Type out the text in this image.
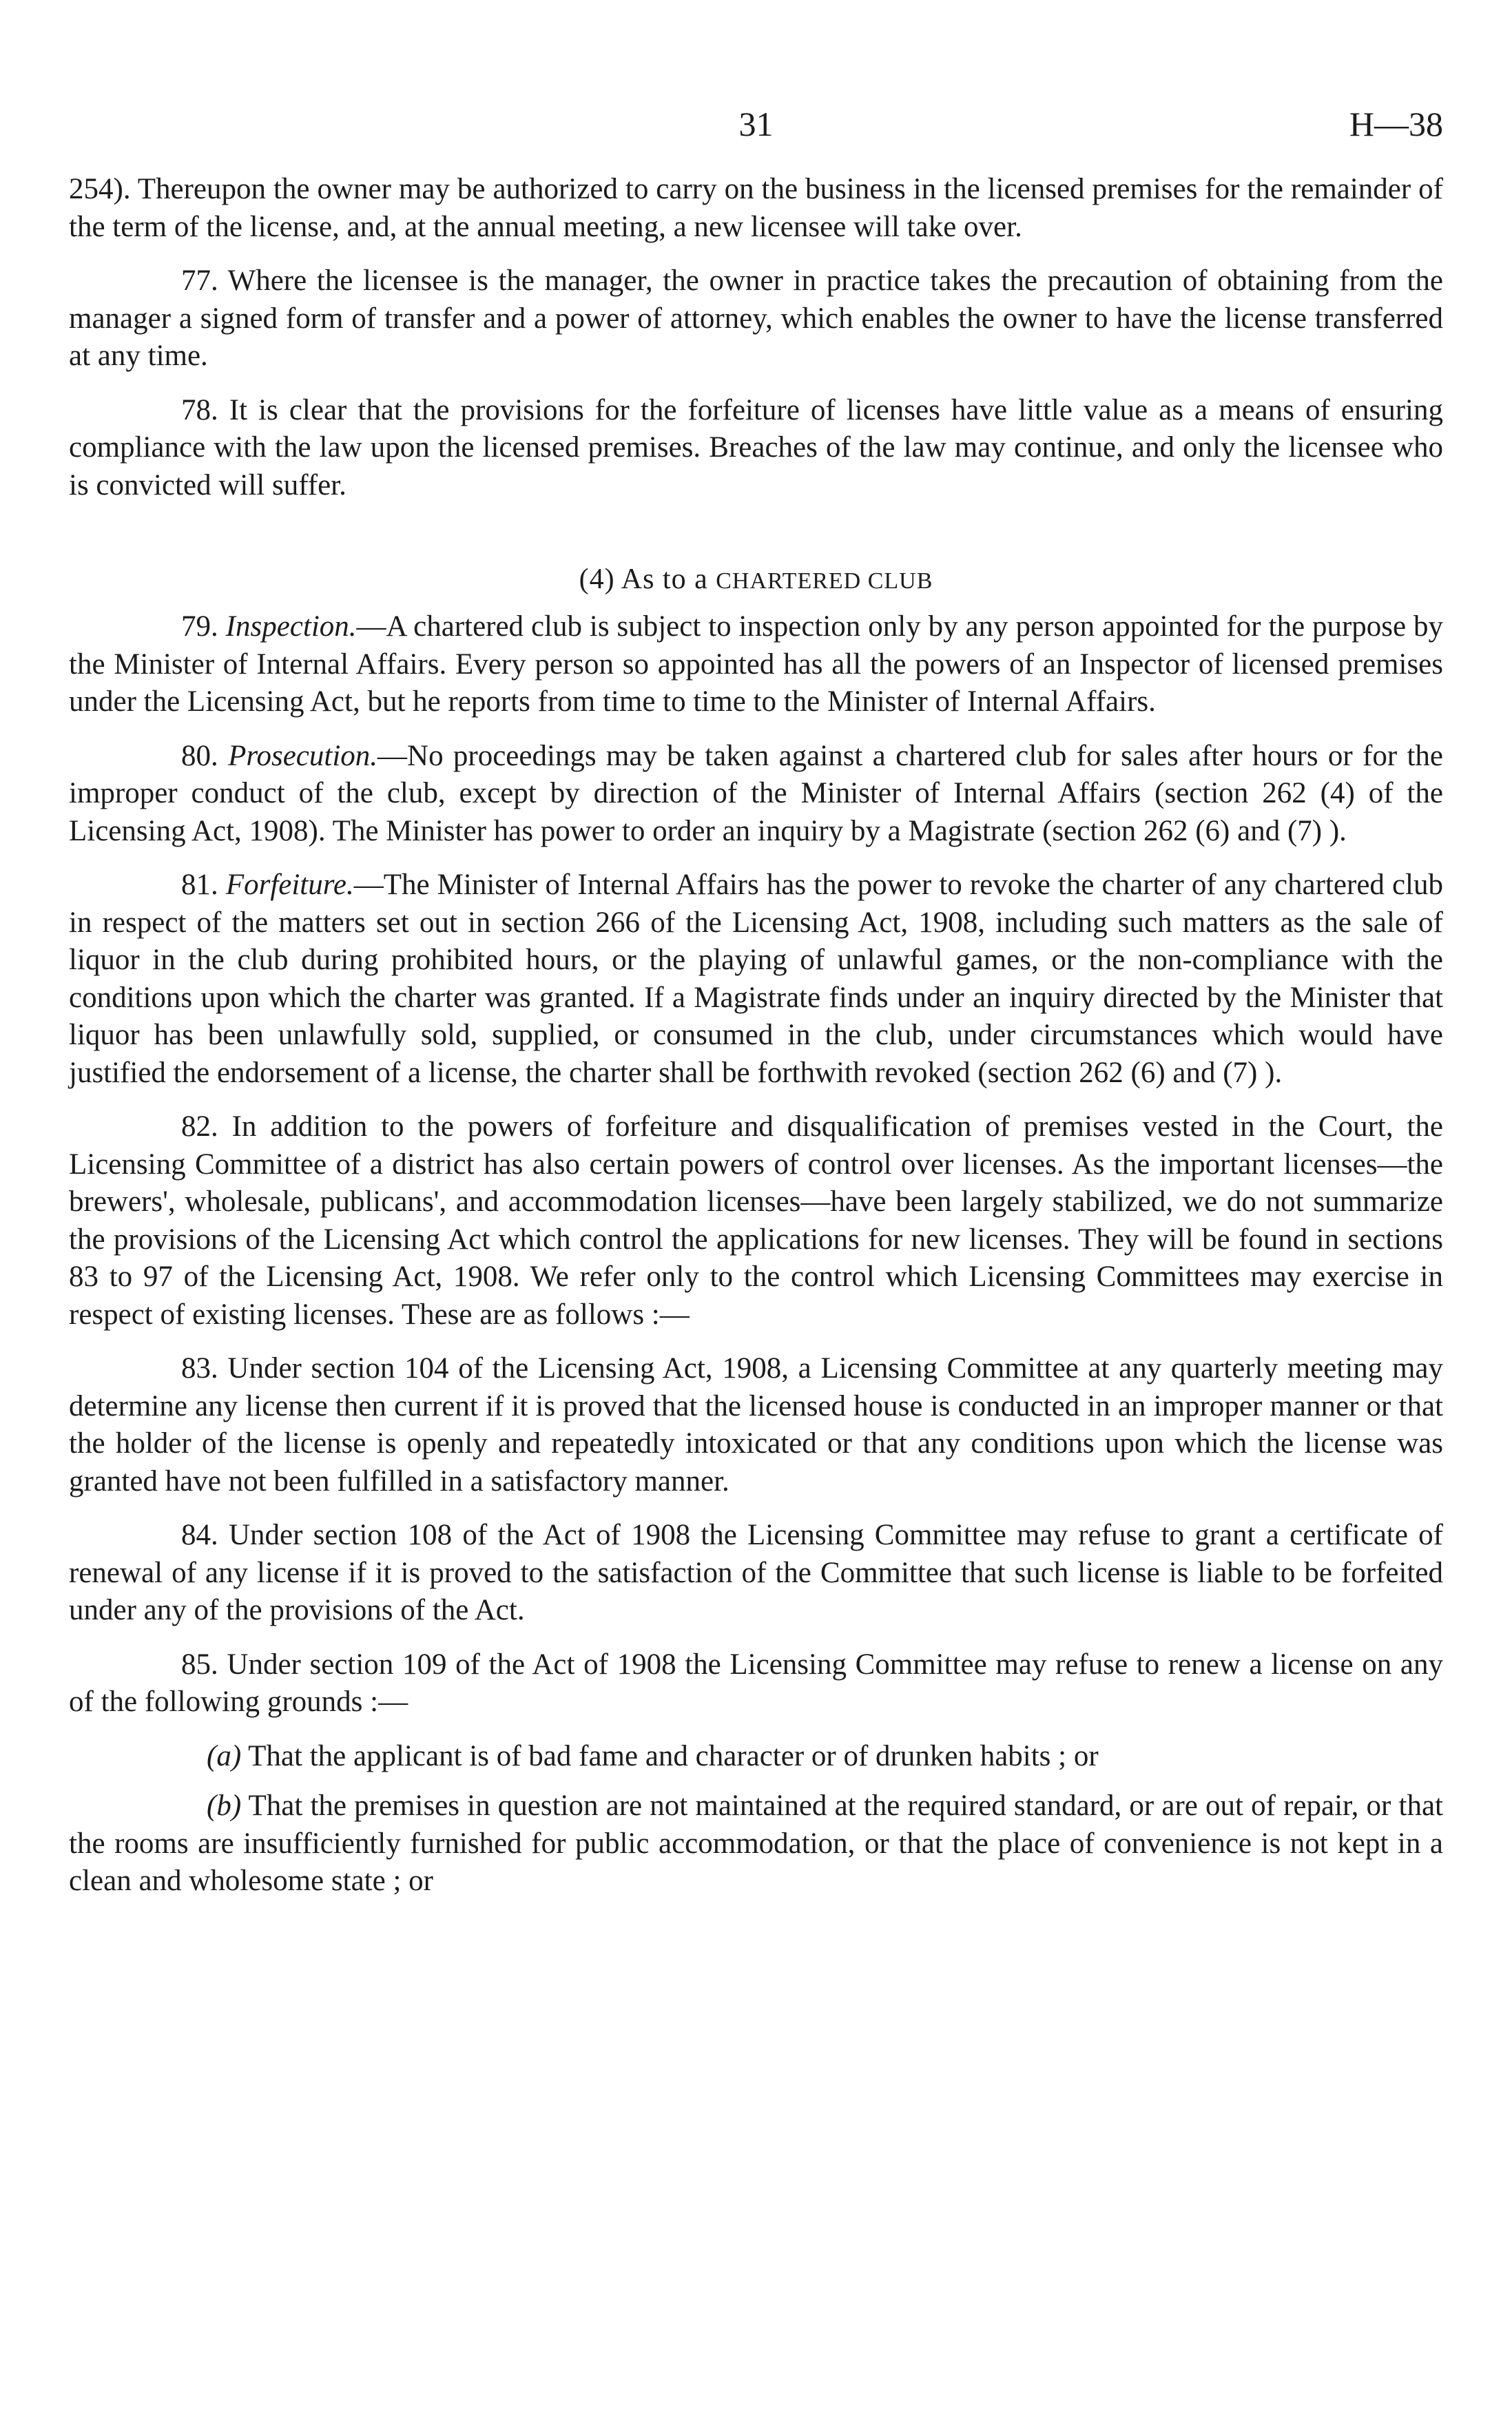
31	H—38

254). Thereupon the owner may be authorized to carry on the business in the licensed premises for the remainder of the term of the license, and, at the annual meeting, a new licensee will take over.

77. Where the licensee is the manager, the owner in practice takes the precaution of obtaining from the manager a signed form of transfer and a power of attorney, which enables the owner to have the license transferred at any time.

78. It is clear that the provisions for the forfeiture of licenses have little value as a means of ensuring compliance with the law upon the licensed premises. Breaches of the law may continue, and only the licensee who is convicted will suffer.

(4) As to a CHARTERED CLUB

79. Inspection.—A chartered club is subject to inspection only by any person appointed for the purpose by the Minister of Internal Affairs. Every person so appointed has all the powers of an Inspector of licensed premises under the Licensing Act, but he reports from time to time to the Minister of Internal Affairs.

80. Prosecution.—No proceedings may be taken against a chartered club for sales after hours or for the improper conduct of the club, except by direction of the Minister of Internal Affairs (section 262 (4) of the Licensing Act, 1908). The Minister has power to order an inquiry by a Magistrate (section 262 (6) and (7) ).

81. Forfeiture.—The Minister of Internal Affairs has the power to revoke the charter of any chartered club in respect of the matters set out in section 266 of the Licensing Act, 1908, including such matters as the sale of liquor in the club during prohibited hours, or the playing of unlawful games, or the non-compliance with the conditions upon which the charter was granted. If a Magistrate finds under an inquiry directed by the Minister that liquor has been unlawfully sold, supplied, or consumed in the club, under circumstances which would have justified the endorsement of a license, the charter shall be forthwith revoked (section 262 (6) and (7) ).

82. In addition to the powers of forfeiture and disqualification of premises vested in the Court, the Licensing Committee of a district has also certain powers of control over licenses. As the important licenses—the brewers', wholesale, publicans', and accommodation licenses—have been largely stabilized, we do not summarize the provisions of the Licensing Act which control the applications for new licenses. They will be found in sections 83 to 97 of the Licensing Act, 1908. We refer only to the control which Licensing Committees may exercise in respect of existing licenses. These are as follows :—

83. Under section 104 of the Licensing Act, 1908, a Licensing Committee at any quarterly meeting may determine any license then current if it is proved that the licensed house is conducted in an improper manner or that the holder of the license is openly and repeatedly intoxicated or that any conditions upon which the license was granted have not been fulfilled in a satisfactory manner.

84. Under section 108 of the Act of 1908 the Licensing Committee may refuse to grant a certificate of renewal of any license if it is proved to the satisfaction of the Committee that such license is liable to be forfeited under any of the provisions of the Act.

85. Under section 109 of the Act of 1908 the Licensing Committee may refuse to renew a license on any of the following grounds :—

(a) That the applicant is of bad fame and character or of drunken habits ; or

(b) That the premises in question are not maintained at the required standard, or are out of repair, or that the rooms are insufficiently furnished for public accommodation, or that the place of convenience is not kept in a clean and wholesome state ; or
